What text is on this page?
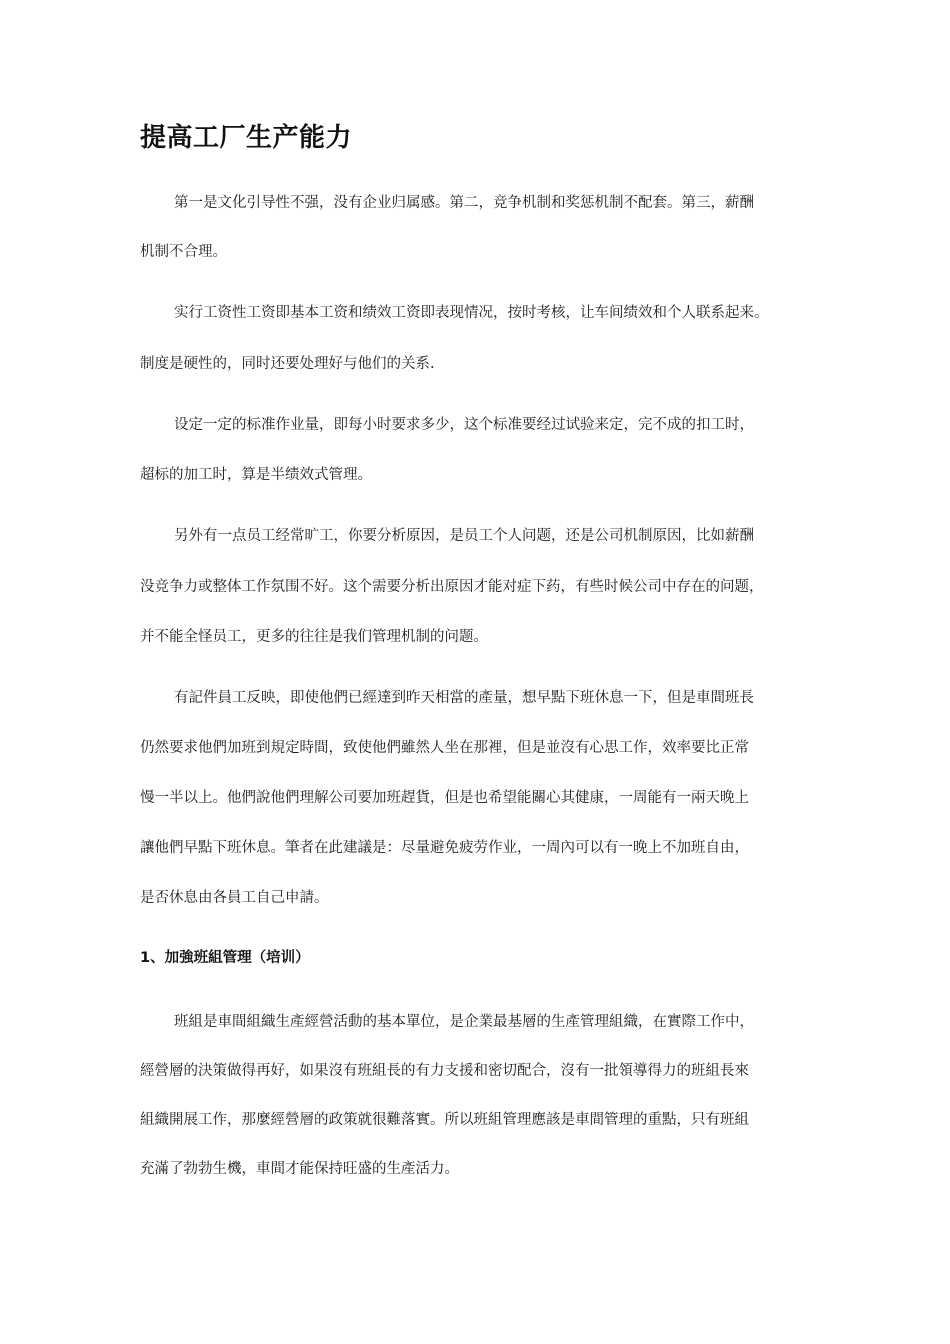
提高工厂生产能力

第一是文化引导性不强，没有企业归属感。第二，竞争机制和奖惩机制不配套。第三，薪酬

机制不合理。

实行工资性工资即基本工资和绩效工资即表现情况，按时考核，让车间绩效和个人联系起来。

制度是硬性的，同时还要处理好与他们的关系.

设定一定的标准作业量，即每小时要求多少，这个标准要经过试验来定，完不成的扣工时，

超标的加工时，算是半绩效式管理。

另外有一点员工经常旷工，你要分析原因，是员工个人问题，还是公司机制原因，比如薪酬

没竞争力或整体工作氛围不好。这个需要分析出原因才能对症下药，有些时候公司中存在的问题，

并不能全怪员工，更多的往往是我们管理机制的问题。

有記件員工反映，即使他們已經達到昨天相當的產量，想早點下班休息一下，但是車間班長

仍然要求他們加班到規定時間，致使他們雖然人坐在那裡，但是並沒有心思工作，效率要比正常

慢一半以上。他們說他們理解公司要加班趕貨，但是也希望能關心其健康，一周能有一兩天晚上

讓他們早點下班休息。筆者在此建議是：尽量避免疲劳作业，一周內可以有一晚上不加班自由，

是否休息由各員工自己申請。

1、加強班組管理（培训）

班組是車間組織生產經營活動的基本單位，是企業最基層的生產管理組織，在實際工作中，

經營層的決策做得再好，如果沒有班組長的有力支援和密切配合，沒有一批領導得力的班組長來

組織開展工作，那麼經營層的政策就很難落實。所以班組管理應該是車間管理的重點，只有班組

充滿了勃勃生機，車間才能保持旺盛的生產活力。
